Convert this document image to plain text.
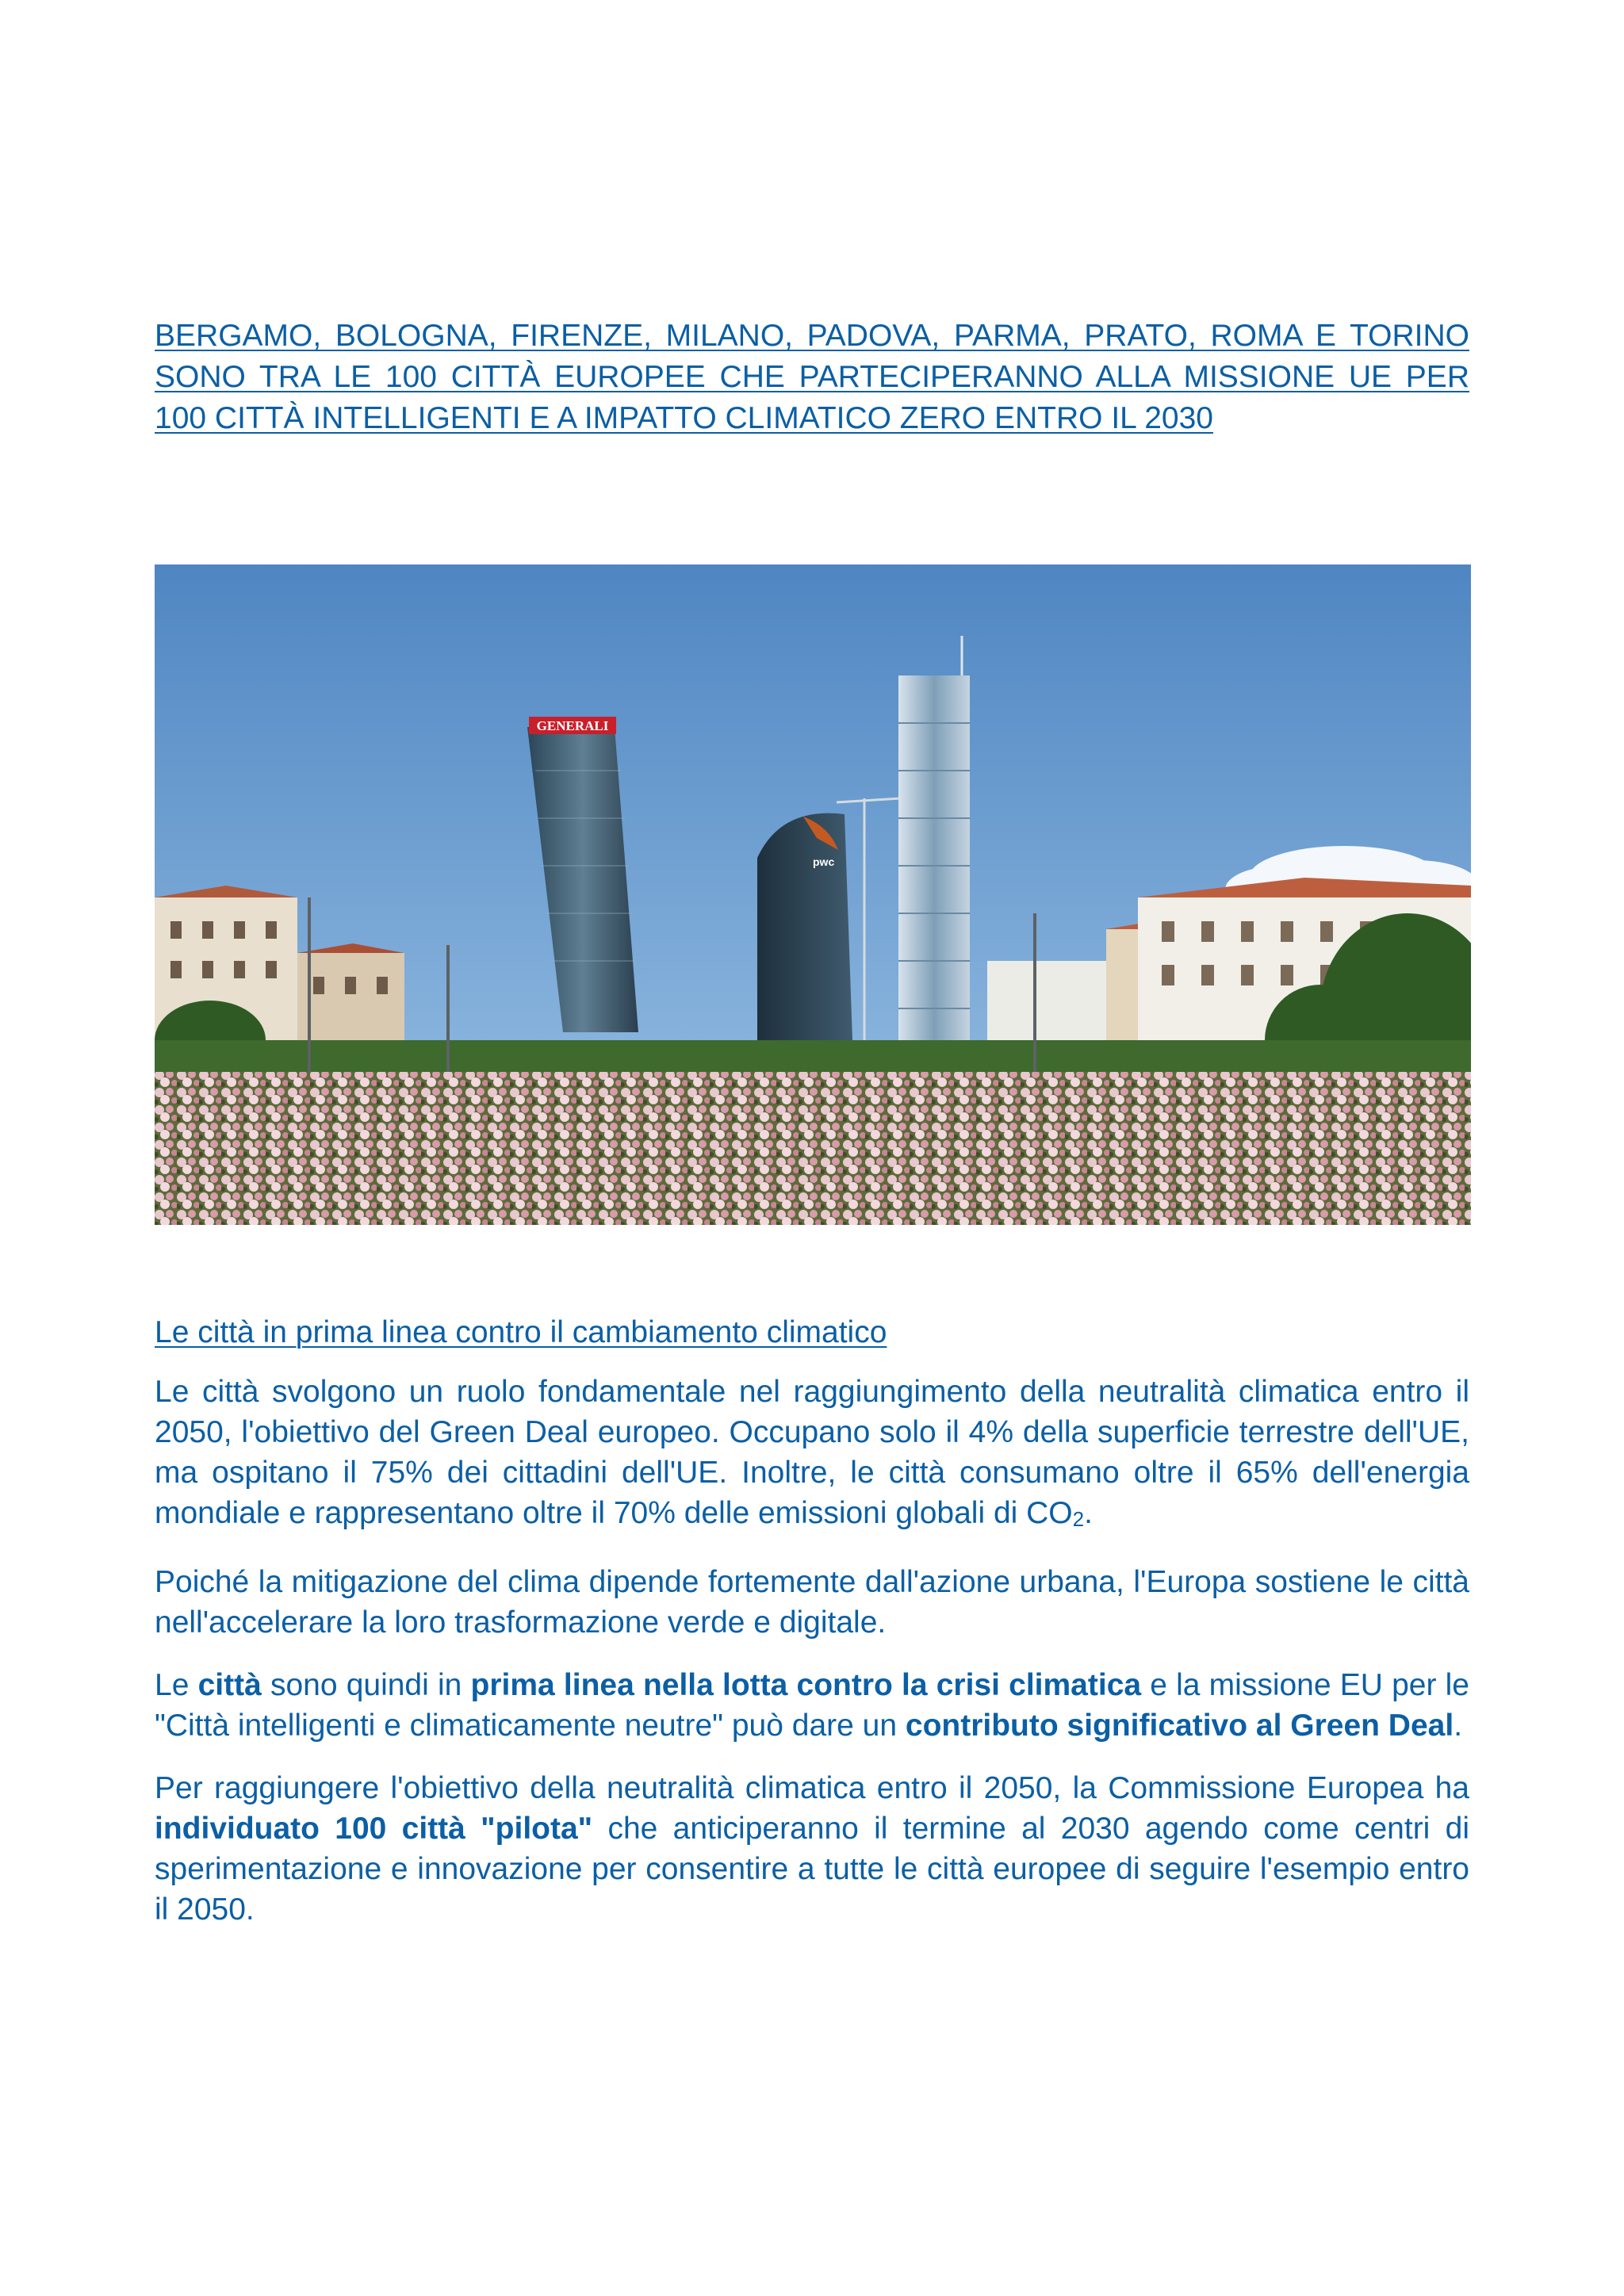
BERGAMO, BOLOGNA, FIRENZE, MILANO, PADOVA, PARMA, PRATO, ROMA E TORINO SONO TRA LE 100 CITTÀ EUROPEE CHE PARTECIPERANNO ALLA MISSIONE UE PER 100 CITTÀ INTELLIGENTI E A IMPATTO CLIMATICO ZERO ENTRO IL 2030
GENERALI
pwc
Le città in prima linea contro il cambiamento climatico

Le città svolgono un ruolo fondamentale nel raggiungimento della neutralità climatica entro il 2050, l'obiettivo del Green Deal europeo. Occupano solo il 4% della superficie terrestre dell'UE, ma ospitano il 75% dei cittadini dell'UE. Inoltre, le città consumano oltre il 65% dell'energia mondiale e rappresentano oltre il 70% delle emissioni globali di $CO_2$.

Poiché la mitigazione del clima dipende fortemente dall'azione urbana, l'Europa sostiene le città nell'accelerare la loro trasformazione verde e digitale.

Le città sono quindi in prima linea nella lotta contro la crisi climatica e la missione EU per le "Città intelligenti e climaticamente neutre" può dare un contributo significativo al Green Deal.

Per raggiungere l'obiettivo della neutralità climatica entro il 2050, la Commissione Europea ha individuato 100 città "pilota" che anticiperanno il termine al 2030 agendo come centri di sperimentazione e innovazione per consentire a tutte le città europee di seguire l'esempio entro il 2050.
